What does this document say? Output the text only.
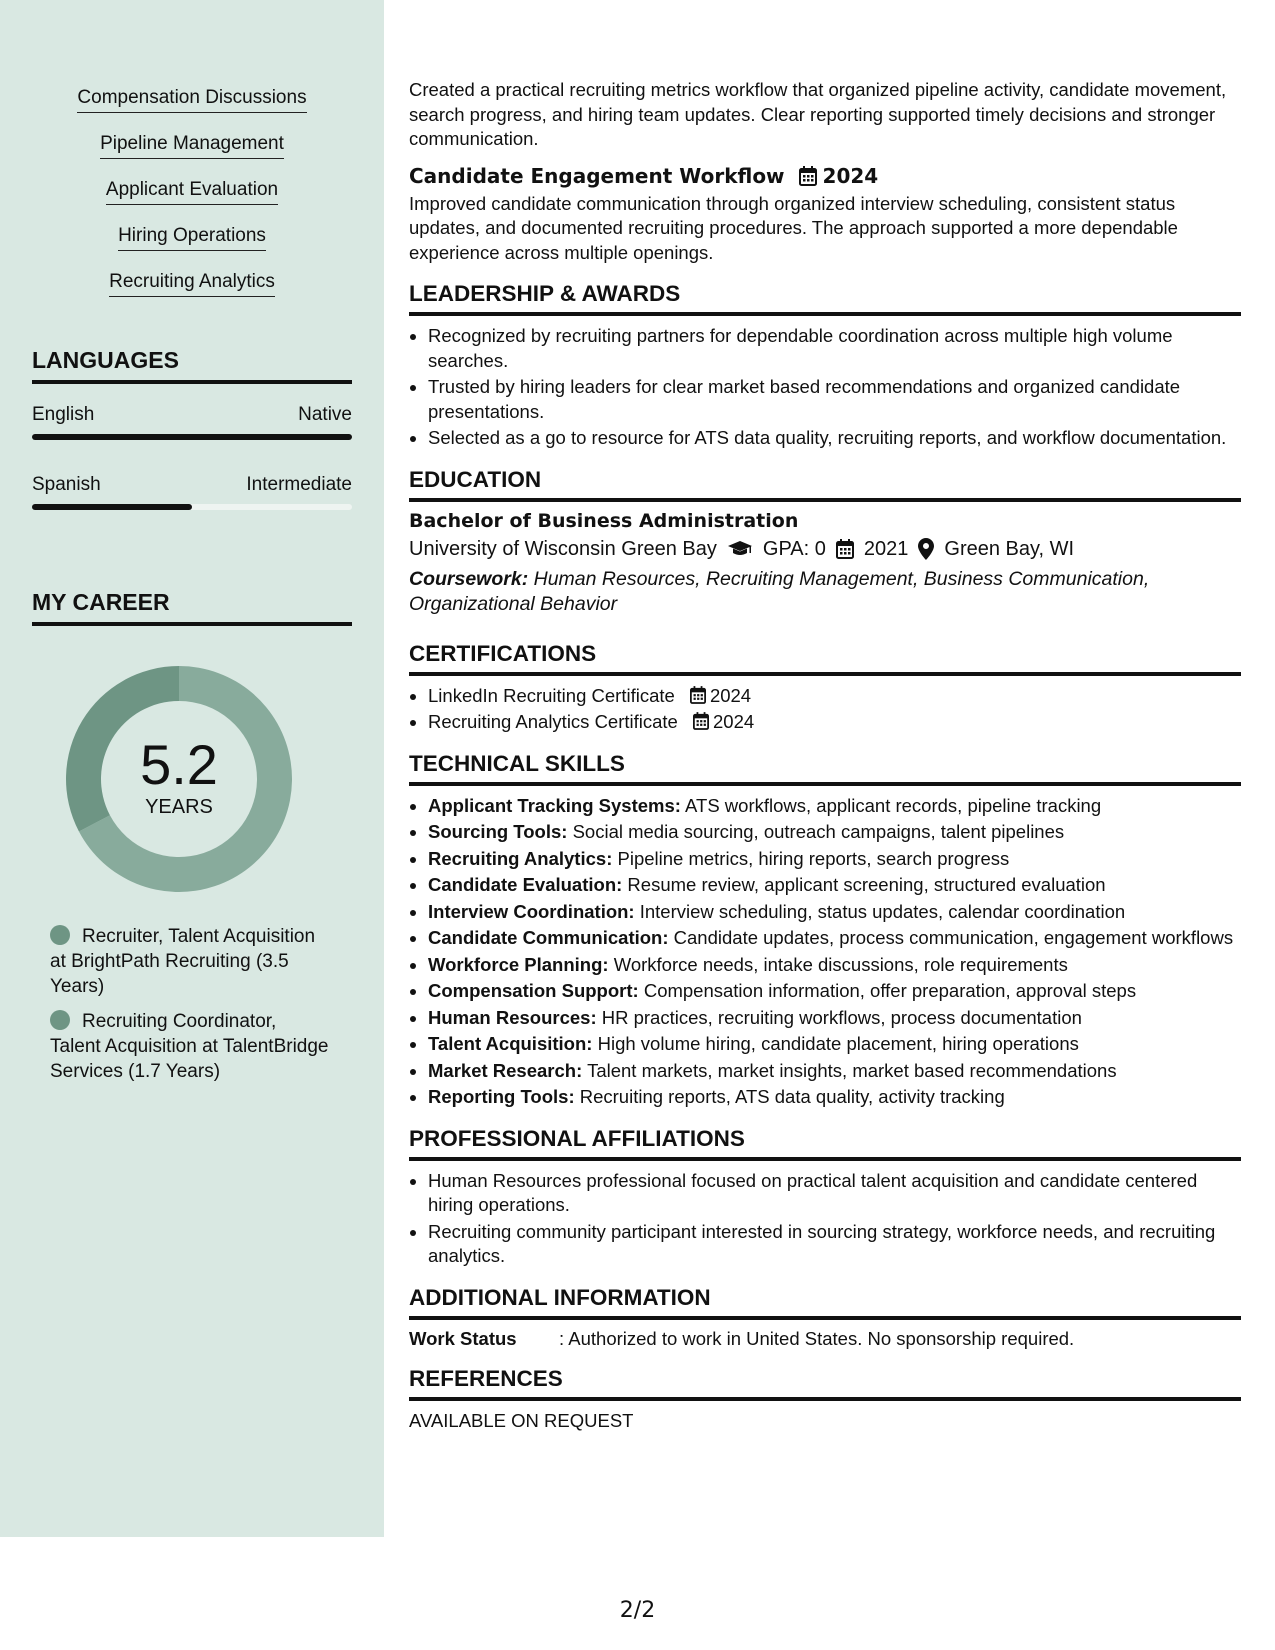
Compensation Discussions
Pipeline Management
Applicant Evaluation
Hiring Operations
Recruiting Analytics
LANGUAGES
English	Native
Spanish	Intermediate
MY CAREER
5.2
YEARS
Recruiter, Talent Acquisition at BrightPath Recruiting (3.5 Years)
Recruiting Coordinator, Talent Acquisition at TalentBridge Services (1.7 Years)

Created a practical recruiting metrics workflow that organized pipeline activity, candidate movement, search progress, and hiring team updates. Clear reporting supported timely decisions and stronger communication.

Candidate Engagement Workflow 2024

Improved candidate communication through organized interview scheduling, consistent status updates, and documented recruiting procedures. The approach supported a more dependable experience across multiple openings.

LEADERSHIP & AWARDS
• Recognized by recruiting partners for dependable coordination across multiple high volume searches.
• Trusted by hiring leaders for clear market based recommendations and organized candidate presentations.
• Selected as a go to resource for ATS data quality, recruiting reports, and workflow documentation.
EDUCATION
Bachelor of Business Administration
University of Wisconsin Green Bay GPA: 0 2021 Green Bay, WI
Coursework: Human Resources, Recruiting Management, Business Communication, Organizational Behavior
CERTIFICATIONS
• LinkedIn Recruiting Certificate 2024
• Recruiting Analytics Certificate 2024
TECHNICAL SKILLS
• Applicant Tracking Systems: ATS workflows, applicant records, pipeline tracking
• Sourcing Tools: Social media sourcing, outreach campaigns, talent pipelines
• Recruiting Analytics: Pipeline metrics, hiring reports, search progress
• Candidate Evaluation: Resume review, applicant screening, structured evaluation
• Interview Coordination: Interview scheduling, status updates, calendar coordination
• Candidate Communication: Candidate updates, process communication, engagement workflows
• Workforce Planning: Workforce needs, intake discussions, role requirements
• Compensation Support: Compensation information, offer preparation, approval steps
• Human Resources: HR practices, recruiting workflows, process documentation
• Talent Acquisition: High volume hiring, candidate placement, hiring operations
• Market Research: Talent markets, market insights, market based recommendations
• Reporting Tools: Recruiting reports, ATS data quality, activity tracking
PROFESSIONAL AFFILIATIONS
• Human Resources professional focused on practical talent acquisition and candidate centered hiring operations.
• Recruiting community participant interested in sourcing strategy, workforce needs, and recruiting analytics.
ADDITIONAL INFORMATION
Work Status	: Authorized to work in United States. No sponsorship required.
REFERENCES
AVAILABLE ON REQUEST
2/2
